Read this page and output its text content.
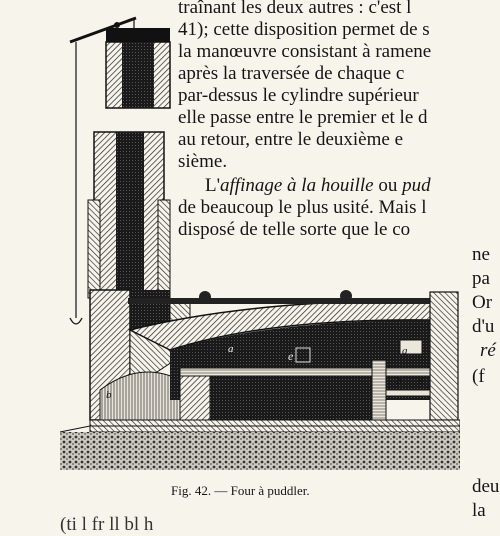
traînant les deux autres : c'est l
41); cette disposition permet de s
la manœuvre consistant à ramene
après la traversée de chaque c
par-dessus le cylindre supérieur
elle passe entre le premier et le d
au retour, entre le deuxième e
sième.
L'affinage à la houille ou pud
de beaucoup le plus usité. Mais l
disposé de telle sorte que le co
ne
pa
Or
d'u
ré
(f
deu
la
(ti l fr ll bl h
e
a	a
b d
b
Fig. 42. — Four à puddler.
